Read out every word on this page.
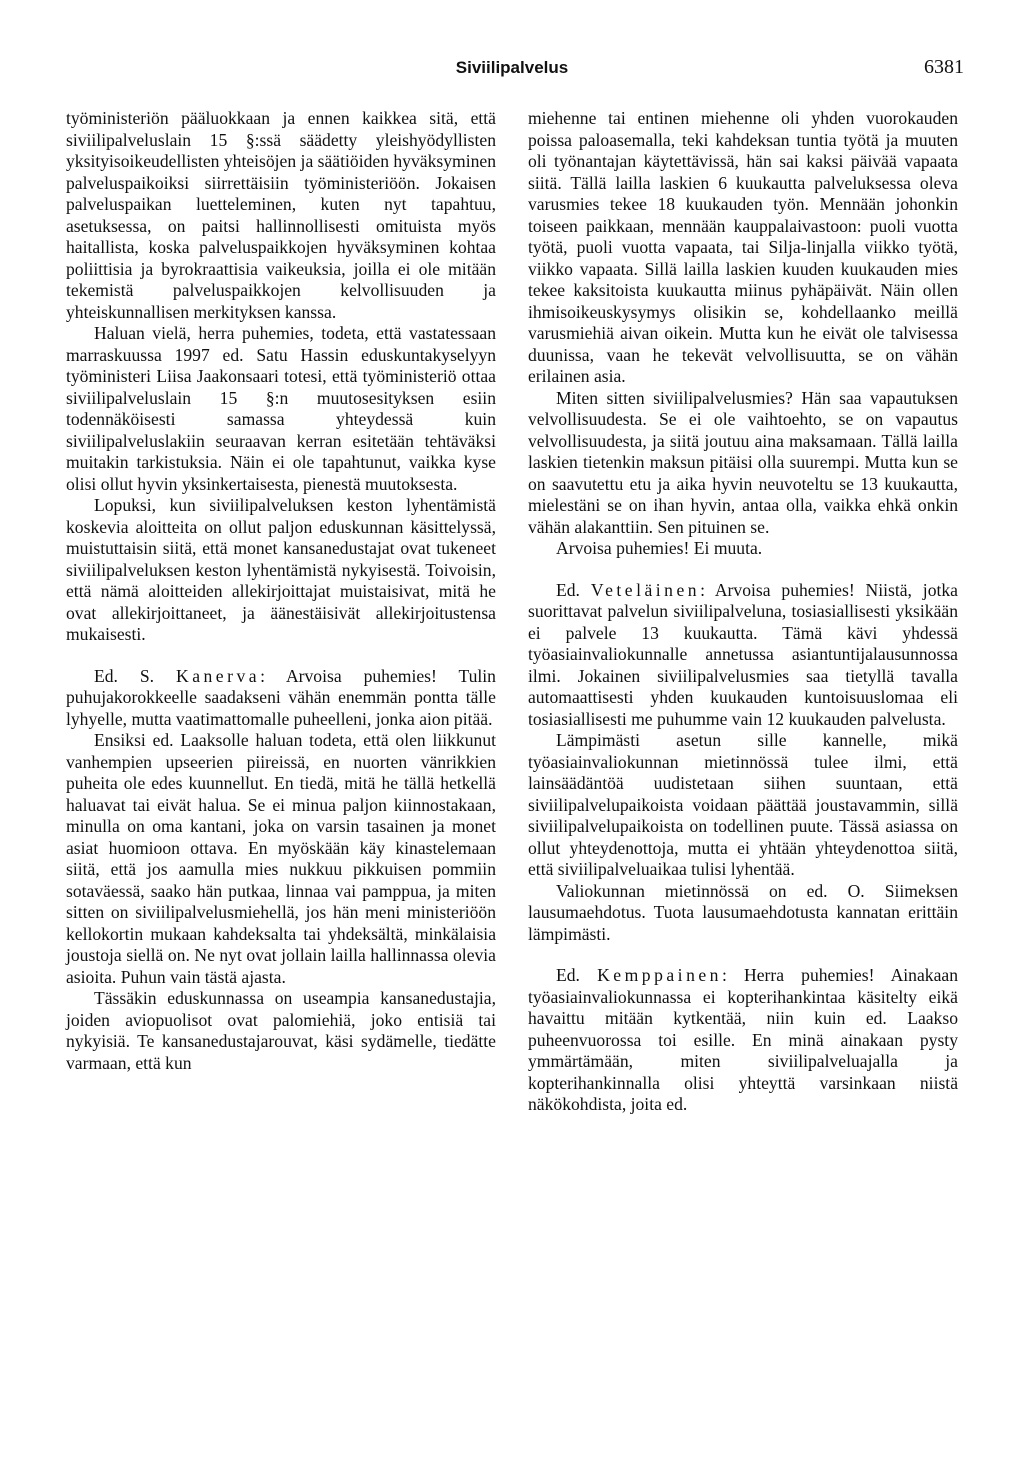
Siviilipalvelus	6381

työministeriön pääluokkaan ja ennen kaikkea sitä, että siviilipalveluslain 15 §:ssä säädetty yleishyödyllisten yksityisoikeudellisten yhteisöjen ja säätiöiden hyväksyminen palveluspaikoiksi siirrettäisiin työministeriöön. Jokaisen palveluspaikan luetteleminen, kuten nyt tapahtuu, asetuksessa, on paitsi hallinnollisesti omituista myös haitallista, koska palveluspaikkojen hyväksyminen kohtaa poliittisia ja byrokraattisia vaikeuksia, joilla ei ole mitään tekemistä palveluspaikkojen kelvollisuuden ja yhteiskunnallisen merkityksen kanssa.

Haluan vielä, herra puhemies, todeta, että vastatessaan marraskuussa 1997 ed. Satu Hassin eduskuntakyselyyn työministeri Liisa Jaakonsaari totesi, että työministeriö ottaa siviilipalveluslain 15 §:n muutosesityksen esiin todennäköisesti samassa yhteydessä kuin siviilipalveluslakiin seuraavan kerran esitetään tehtäväksi muitakin tarkistuksia. Näin ei ole tapahtunut, vaikka kyse olisi ollut hyvin yksinkertaisesta, pienestä muutoksesta.

Lopuksi, kun siviilipalveluksen keston lyhentämistä koskevia aloitteita on ollut paljon eduskunnan käsittelyssä, muistuttaisin siitä, että monet kansanedustajat ovat tukeneet siviilipalveluksen keston lyhentämistä nykyisestä. Toivoisin, että nämä aloitteiden allekirjoittajat muistaisivat, mitä he ovat allekirjoittaneet, ja äänestäisivät allekirjoitustensa mukaisesti.

Ed. S. Kanerva: Arvoisa puhemies! Tulin puhujakorokkeelle saadakseni vähän enemmän pontta tälle lyhyelle, mutta vaatimattomalle puheelleni, jonka aion pitää.

Ensiksi ed. Laaksolle haluan todeta, että olen liikkunut vanhempien upseerien piireissä, en nuorten vänrikkien puheita ole edes kuunnellut. En tiedä, mitä he tällä hetkellä haluavat tai eivät halua. Se ei minua paljon kiinnostakaan, minulla on oma kantani, joka on varsin tasainen ja monet asiat huomioon ottava. En myöskään käy kinastelemaan siitä, että jos aamulla mies nukkuu pikkuisen pommiin sotaväessä, saako hän putkaa, linnaa vai pamppua, ja miten sitten on siviilipalvelusmiehellä, jos hän meni ministeriöön kellokortin mukaan kahdeksalta tai yhdeksältä, minkälaisia joustoja siellä on. Ne nyt ovat jollain lailla hallinnassa olevia asioita. Puhun vain tästä ajasta.

Tässäkin eduskunnassa on useampia kansanedustajia, joiden aviopuolisot ovat palomiehiä, joko entisiä tai nykyisiä. Te kansanedustajarouvat, käsi sydämelle, tiedätte varmaan, että kun

miehenne tai entinen miehenne oli yhden vuorokauden poissa paloasemalla, teki kahdeksan tuntia työtä ja muuten oli työnantajan käytettävissä, hän sai kaksi päivää vapaata siitä. Tällä lailla laskien 6 kuukautta palveluksessa oleva varusmies tekee 18 kuukauden työn. Mennään johonkin toiseen paikkaan, mennään kauppalaivastoon: puoli vuotta työtä, puoli vuotta vapaata, tai Silja-linjalla viikko työtä, viikko vapaata. Sillä lailla laskien kuuden kuukauden mies tekee kaksitoista kuukautta miinus pyhäpäivät. Näin ollen ihmisoikeuskysymys olisikin se, kohdellaanko meillä varusmiehiä aivan oikein. Mutta kun he eivät ole talvisessa duunissa, vaan he tekevät velvollisuutta, se on vähän erilainen asia.

Miten sitten siviilipalvelusmies? Hän saa vapautuksen velvollisuudesta. Se ei ole vaihtoehto, se on vapautus velvollisuudesta, ja siitä joutuu aina maksamaan. Tällä lailla laskien tietenkin maksun pitäisi olla suurempi. Mutta kun se on saavutettu etu ja aika hyvin neuvoteltu se 13 kuukautta, mielestäni se on ihan hyvin, antaa olla, vaikka ehkä onkin vähän alakanttiin. Sen pituinen se.

Arvoisa puhemies! Ei muuta.

Ed. Veteläinen: Arvoisa puhemies! Niistä, jotka suorittavat palvelun siviilipalveluna, tosiasiallisesti yksikään ei palvele 13 kuukautta. Tämä kävi yhdessä työasiainvaliokunnalle annetussa asiantuntijalausunnossa ilmi. Jokainen siviilipalvelusmies saa tietyllä tavalla automaattisesti yhden kuukauden kuntoisuuslomaa eli tosiasiallisesti me puhumme vain 12 kuukauden palvelusta.

Lämpimästi asetun sille kannelle, mikä työasiainvaliokunnan mietinnössä tulee ilmi, että lainsäädäntöä uudistetaan siihen suuntaan, että siviilipalvelupaikoista voidaan päättää joustavammin, sillä siviilipalvelupaikoista on todellinen puute. Tässä asiassa on ollut yhteydenottoja, mutta ei yhtään yhteydenottoa siitä, että siviilipalveluaikaa tulisi lyhentää.

Valiokunnan mietinnössä on ed. O. Siimeksen lausumaehdotus. Tuota lausumaehdotusta kannatan erittäin lämpimästi.

Ed. Kemppainen: Herra puhemies! Ainakaan työasiainvaliokunnassa ei kopterihankintaa käsitelty eikä havaittu mitään kytkentää, niin kuin ed. Laakso puheenvuorossa toi esille. En minä ainakaan pysty ymmärtämään, miten siviilipalveluajalla ja kopterihankinnalla olisi yhteyttä varsinkaan niistä näkökohdista, joita ed.
